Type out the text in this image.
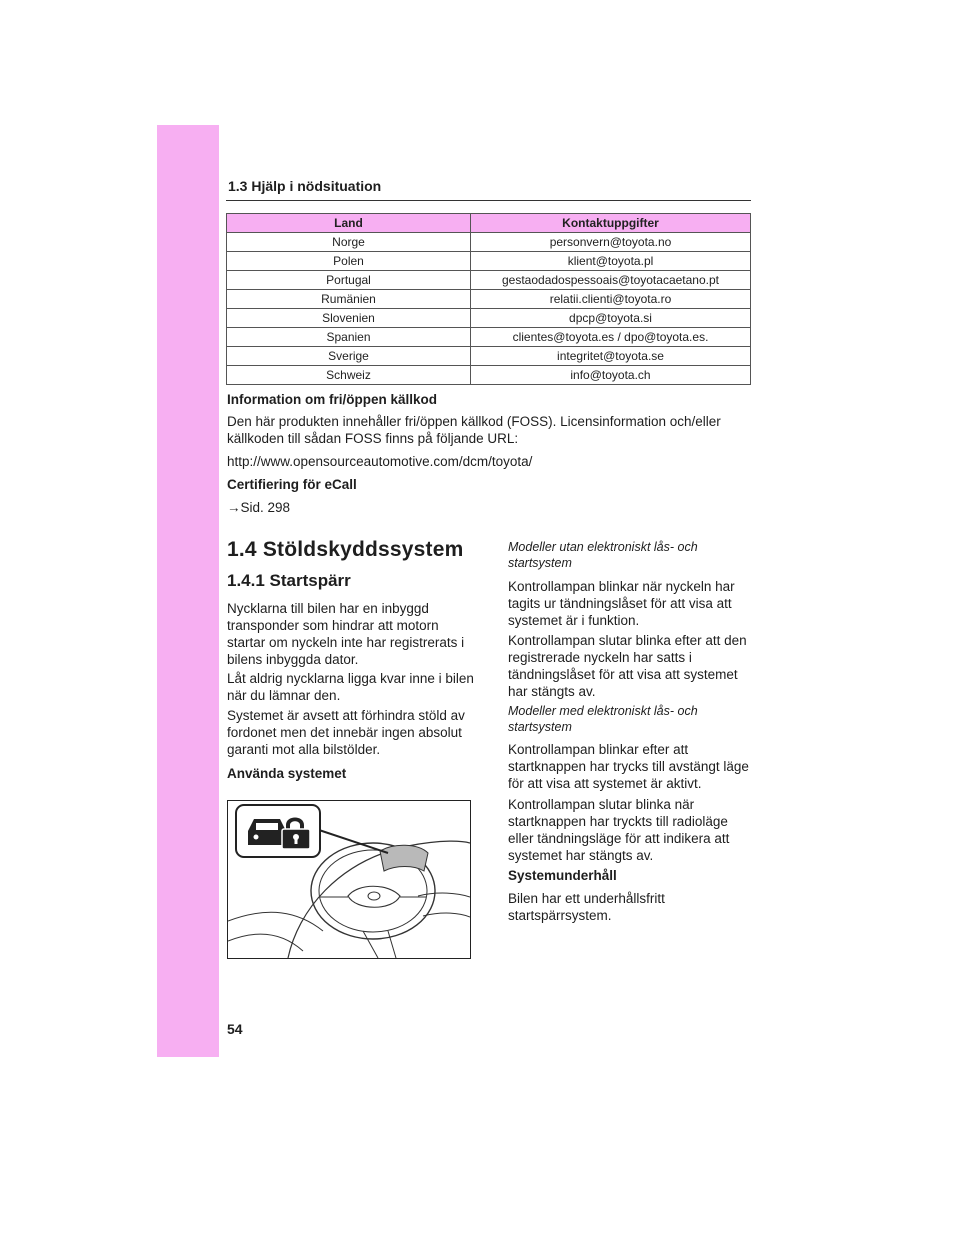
1.3 Hjälp i nödsituation
Land	Kontaktuppgifter
Norge	personvern@toyota.no
Polen	klient@toyota.pl
Portugal	gestaodadospessoais@toyotacaetano.pt
Rumänien	relatii.clienti@toyota.ro
Slovenien	dpcp@toyota.si
Spanien	clientes@toyota.es / dpo@toyota.es.
Sverige	integritet@toyota.se
Schweiz	info@toyota.ch
Information om fri/öppen källkod
Den här produkten innehåller fri/öppen källkod (FOSS). Licensinformation och/eller
källkoden till sådan FOSS finns på följande URL:
http://www.opensourceautomotive.com/dcm/toyota/
Certifiering för eCall
→Sid. 298
1.4 Stöldskyddssystem
1.4.1 Startspärr
Nycklarna till bilen har en inbyggd
transponder som hindrar att motorn
startar om nyckeln inte har registrerats i
bilens inbyggda dator.
Låt aldrig nycklarna ligga kvar inne i bilen
när du lämnar den.
Systemet är avsett att förhindra stöld av
fordonet men det innebär ingen absolut
garanti mot alla bilstölder.
Använda systemet
Modeller utan elektroniskt lås- och
startsystem
Kontrollampan blinkar när nyckeln har
tagits ur tändningslåset för att visa att
systemet är i funktion.
Kontrollampan slutar blinka efter att den
registrerade nyckeln har satts i
tändningslåset för att visa att systemet
har stängts av.
Modeller med elektroniskt lås- och
startsystem
Kontrollampan blinkar efter att
startknappen har trycks till avstängt läge
för att visa att systemet är aktivt.
Kontrollampan slutar blinka när
startknappen har tryckts till radioläge
eller tändningsläge för att indikera att
systemet har stängts av.
Systemunderhåll
Bilen har ett underhållsfritt
startspärrsystem.
54
